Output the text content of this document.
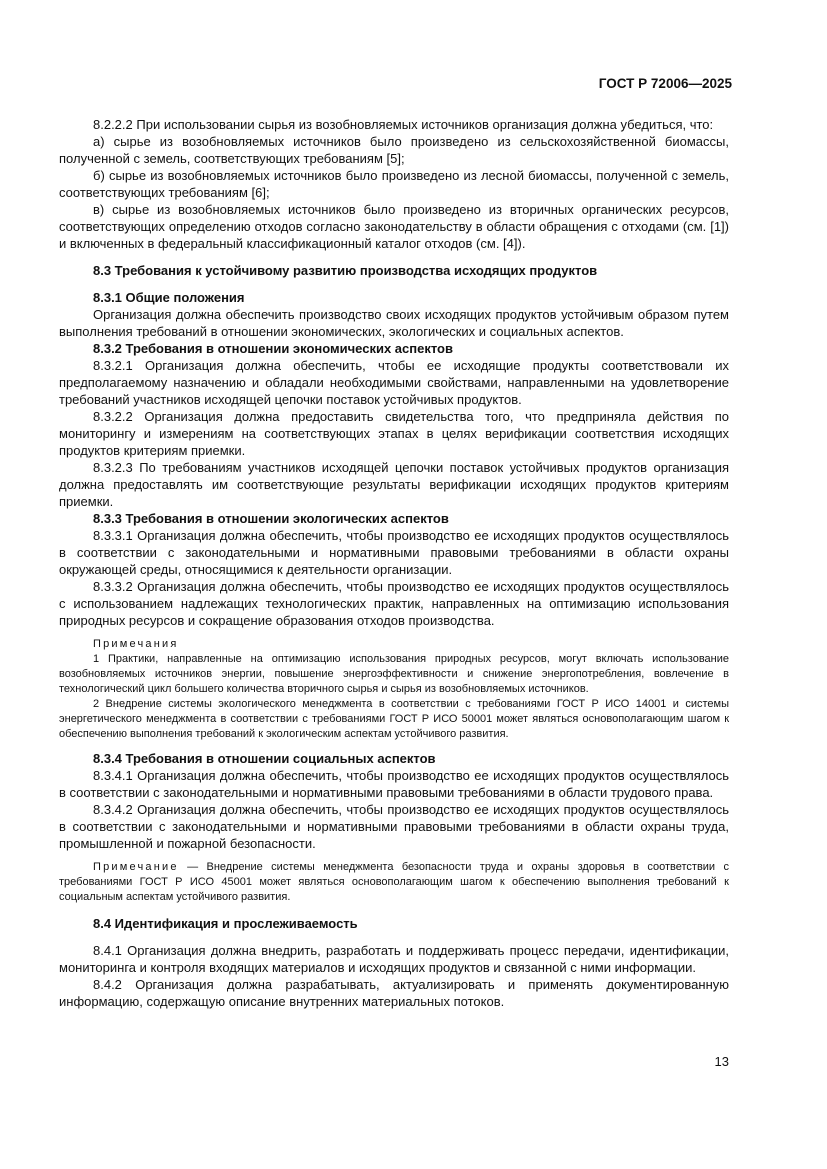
ГОСТ Р 72006—2025

8.2.2.2 При использовании сырья из возобновляемых источников организация должна убедиться, что:

а) сырье из возобновляемых источников было произведено из сельскохозяйственной биомассы, полученной с земель, соответствующих требованиям [5];

б) сырье из возобновляемых источников было произведено из лесной биомассы, полученной с земель, соответствующих требованиям [6];

в) сырье из возобновляемых источников было произведено из вторичных органических ресурсов, соответствующих определению отходов согласно законодательству в области обращения с отходами (см. [1]) и включенных в федеральный классификационный каталог отходов (см. [4]).

8.3 Требования к устойчивому развитию производства исходящих продуктов

8.3.1 Общие положения

Организация должна обеспечить производство своих исходящих продуктов устойчивым образом путем выполнения требований в отношении экономических, экологических и социальных аспектов.

8.3.2 Требования в отношении экономических аспектов

8.3.2.1 Организация должна обеспечить, чтобы ее исходящие продукты соответствовали их предполагаемому назначению и обладали необходимыми свойствами, направленными на удовлетворение требований участников исходящей цепочки поставок устойчивых продуктов.

8.3.2.2 Организация должна предоставить свидетельства того, что предприняла действия по мониторингу и измерениям на соответствующих этапах в целях верификации соответствия исходящих продуктов критериям приемки.

8.3.2.3 По требованиям участников исходящей цепочки поставок устойчивых продуктов организация должна предоставлять им соответствующие результаты верификации исходящих продуктов критериям приемки.

8.3.3 Требования в отношении экологических аспектов

8.3.3.1 Организация должна обеспечить, чтобы производство ее исходящих продуктов осуществлялось в соответствии с законодательными и нормативными правовыми требованиями в области охраны окружающей среды, относящимися к деятельности организации.

8.3.3.2 Организация должна обеспечить, чтобы производство ее исходящих продуктов осуществлялось с использованием надлежащих технологических практик, направленных на оптимизацию использования природных ресурсов и сокращение образования отходов производства.

Примечания

1 Практики, направленные на оптимизацию использования природных ресурсов, могут включать использование возобновляемых источников энергии, повышение энергоэффективности и снижение энергопотребления, вовлечение в технологический цикл большего количества вторичного сырья и сырья из возобновляемых источников.

2 Внедрение системы экологического менеджмента в соответствии с требованиями ГОСТ Р ИСО 14001 и системы энергетического менеджмента в соответствии с требованиями ГОСТ Р ИСО 50001 может являться основополагающим шагом к обеспечению выполнения требований к экологическим аспектам устойчивого развития.

8.3.4 Требования в отношении социальных аспектов

8.3.4.1 Организация должна обеспечить, чтобы производство ее исходящих продуктов осуществлялось в соответствии с законодательными и нормативными правовыми требованиями в области трудового права.

8.3.4.2 Организация должна обеспечить, чтобы производство ее исходящих продуктов осуществлялось в соответствии с законодательными и нормативными правовыми требованиями в области охраны труда, промышленной и пожарной безопасности.

Примечание — Внедрение системы менеджмента безопасности труда и охраны здоровья в соответствии с требованиями ГОСТ Р ИСО 45001 может являться основополагающим шагом к обеспечению выполнения требований к социальным аспектам устойчивого развития.

8.4 Идентификация и прослеживаемость

8.4.1 Организация должна внедрить, разработать и поддерживать процесс передачи, идентификации, мониторинга и контроля входящих материалов и исходящих продуктов и связанной с ними информации.

8.4.2 Организация должна разрабатывать, актуализировать и применять документированную информацию, содержащую описание внутренних материальных потоков.

13
